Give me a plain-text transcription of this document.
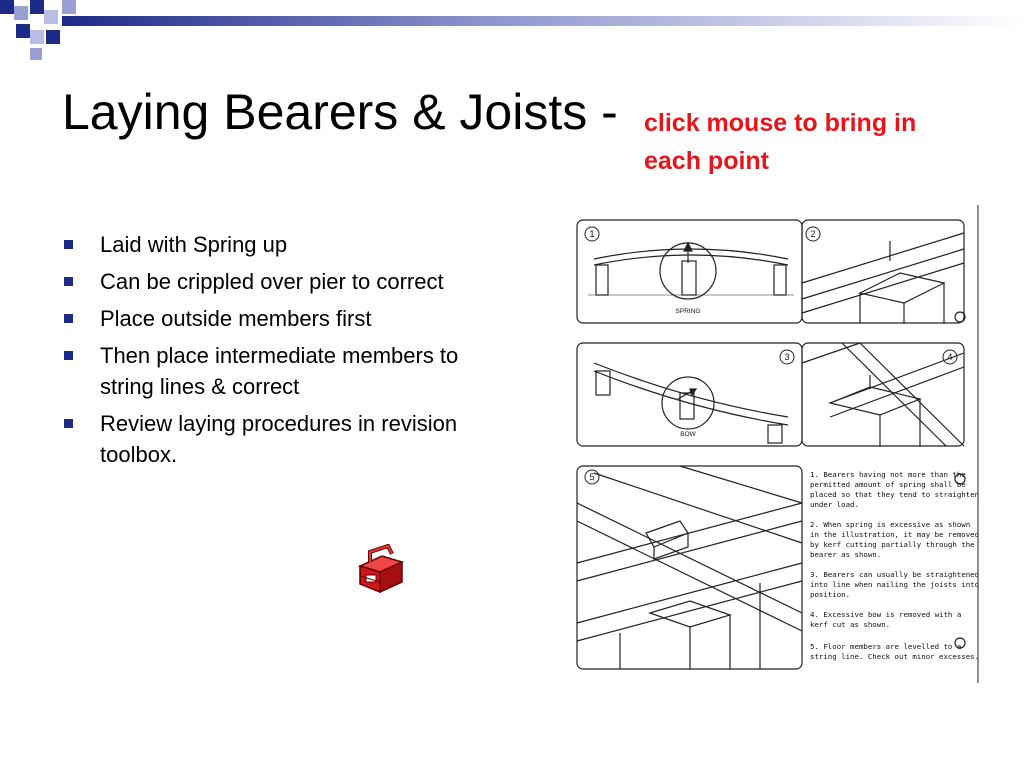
Laying Bearers & Joists - click mouse to bring in each point
Laid with Spring up
Can be crippled over pier to correct
Place outside members first
Then place intermediate members to string lines & correct
Review laying procedures in revision toolbox.
1	2
3	4
5
SPRING
BOW
1. Bearers having not more than the
permitted amount of spring shall be
placed so that they tend to straighten
under load.
2. When spring is excessive as shown
in the illustration, it may be removed
by kerf cutting partially through the
bearer as shown.
3. Bearers can usually be straightened
into line when nailing the joists into
position.
4. Excessive bow is removed with a
kerf cut as shown.
5. Floor members are levelled to a
string line. Check out minor excesses.
